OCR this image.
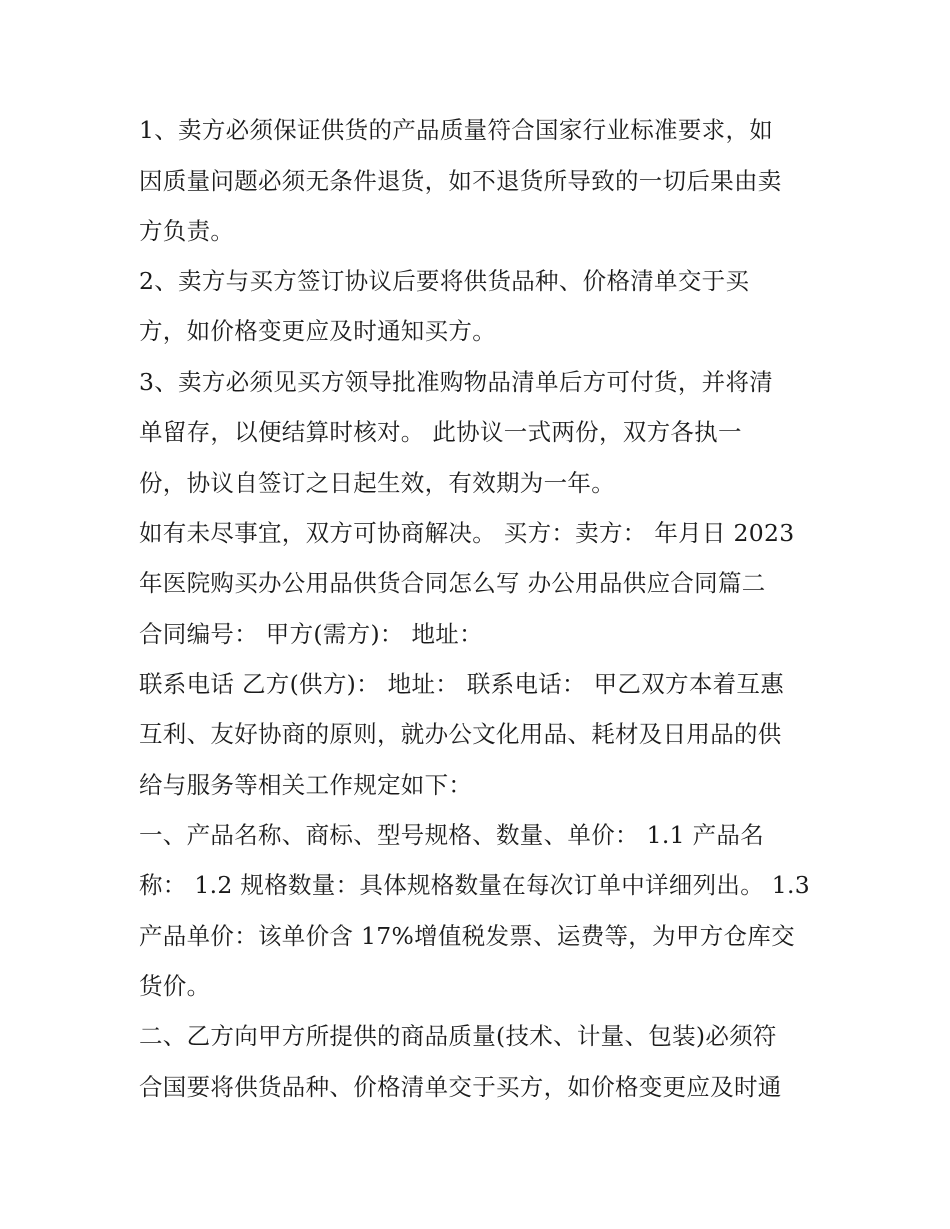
1、卖方必须保证供货的产品质量符合国家行业标准要求，如
因质量问题必须无条件退货，如不退货所导致的一切后果由卖
方负责。
2、卖方与买方签订协议后要将供货品种、价格清单交于买
方，如价格变更应及时通知买方。
3、卖方必须见买方领导批准购物品清单后方可付货，并将清
单留存，以便结算时核对。 此协议一式两份，双方各执一
份，协议自签订之日起生效，有效期为一年。
如有未尽事宜，双方可协商解决。 买方：卖方： 年月日 2023
年医院购买办公用品供货合同怎么写 办公用品供应合同篇二
合同编号： 甲方(需方)： 地址：
联系电话 乙方(供方)： 地址： 联系电话： 甲乙双方本着互惠
互利、友好协商的原则，就办公文化用品、耗材及日用品的供
给与服务等相关工作规定如下：
一、产品名称、商标、型号规格、数量、单价： 1.1 产品名
称： 1.2 规格数量：具体规格数量在每次订单中详细列出。 1.3
产品单价：该单价含 17%增值税发票、运费等，为甲方仓库交
货价。
二、乙方向甲方所提供的商品质量(技术、计量、包装)必须符
合国要将供货品种、价格清单交于买方，如价格变更应及时通
